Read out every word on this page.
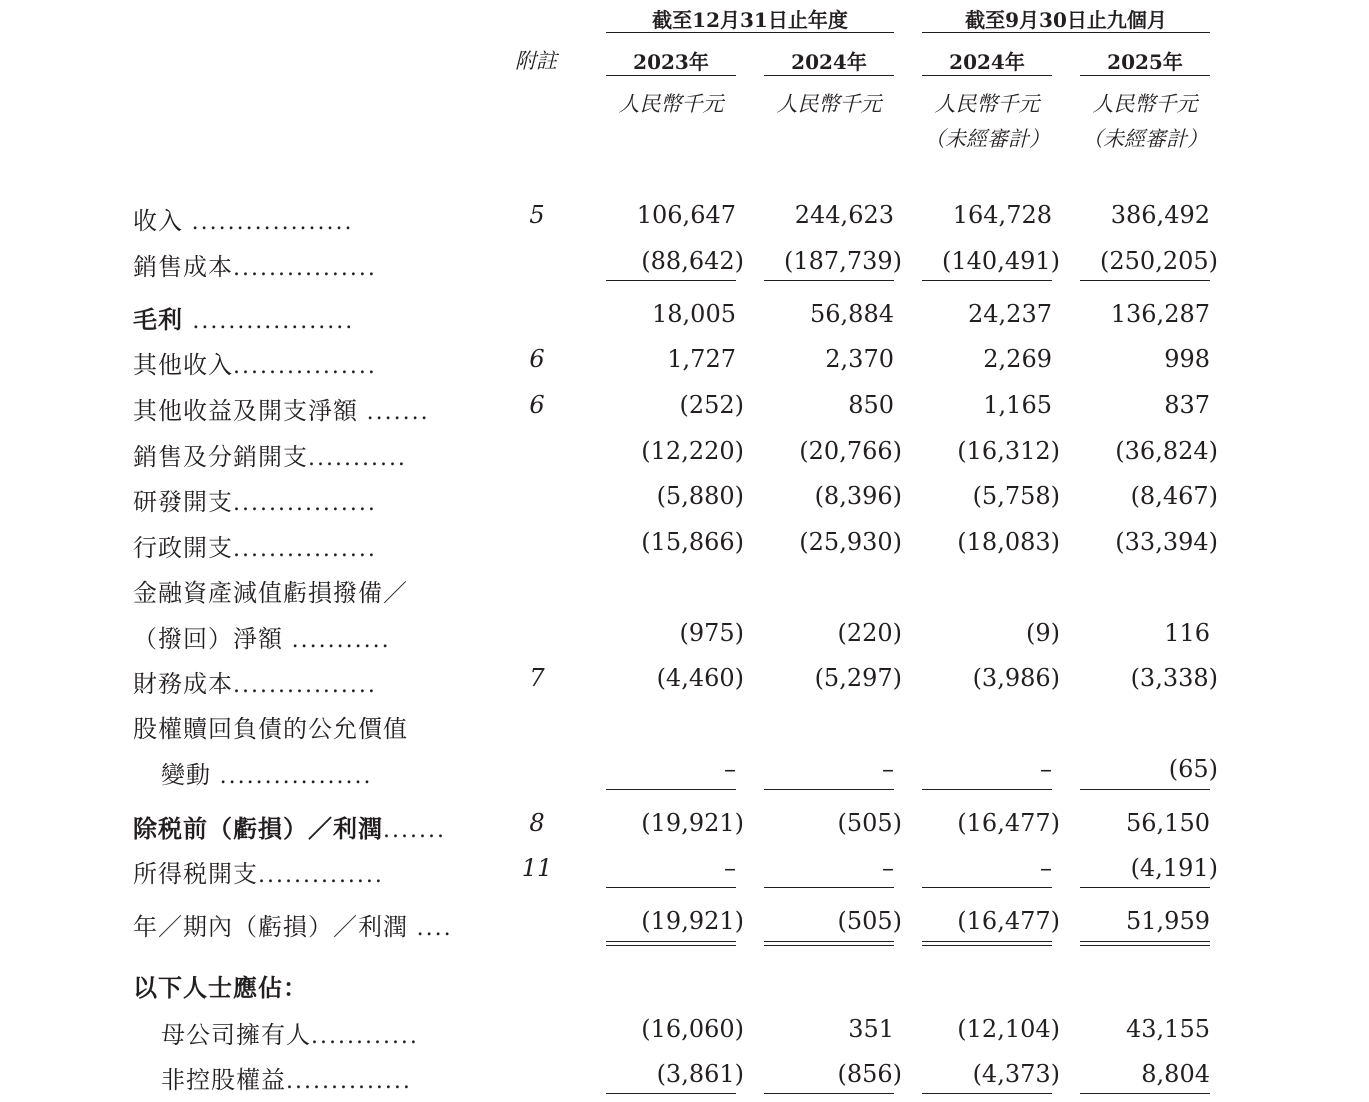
截至12月31日止年度	截至9月30日止九個月
附註	2023年	2024年	2024年	2025年
人民幣千元	人民幣千元	人民幣千元	人民幣千元
（未經審計） （未經審計）
收入 ..................	5	106,647 244,623 164,728 386,492
銷售成本................	(88,642) (187,739) (140,491) (250,205)
毛利 ..................	18,005	56,884	24,237 136,287
其他收入................	6	1,727	2,370	2,269	998
其他收益及開支淨額 .......	6	(252)	850	1,165	837
銷售及分銷開支...........	(12,220) (20,766) (16,312) (36,824)
研發開支................	(5,880)	(8,396)	(5,758)	(8,467)
行政開支................	(15,866) (25,930) (18,083) (33,394)
金融資產減值虧損撥備／
（撥回）淨額 ...........	(975)	(220)	(9)	116
財務成本................	7	(4,460)	(5,297)	(3,986)	(3,338)
股權贖回負債的公允價值
變動 .................	–	–	–	(65)
除税前（虧損）／利潤.......	8	(19,921)	(505) (16,477)	56,150
所得税開支..............	11	–	–	–	(4,191)
年／期內（虧損）／利潤 ....	(19,921)	(505) (16,477)	51,959
以下人士應佔：
母公司擁有人............	(16,060)	351	(12,104)	43,155
非控股權益..............	(3,861)	(856)	(4,373)	8,804
